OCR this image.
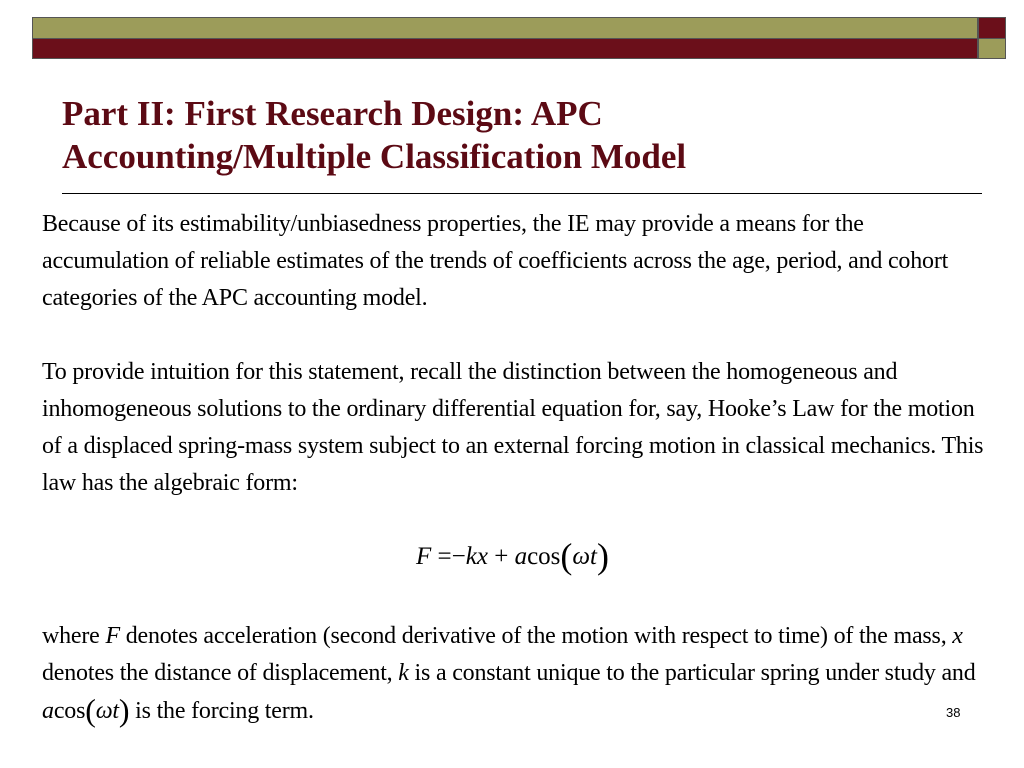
Part II: First Research Design: APC
Accounting/Multiple Classification Model
Because of its estimability/unbiasedness properties, the IE may provide a means for the accumulation of reliable estimates of the trends of coefficients across the age, period, and cohort categories of the APC accounting model.
To provide intuition for this statement, recall the distinction between the homogeneous and inhomogeneous solutions to the ordinary differential equation for, say, Hooke’s Law for the motion of a displaced spring-mass system subject to an external forcing motion in classical mechanics. This law has the algebraic form:
F =−kx + acos(ωt)
where F denotes acceleration (second derivative of the motion with respect to time) of the mass, x denotes the distance of displacement, k is a constant unique to the particular spring under study and acos(ωt) is the forcing term.	38
